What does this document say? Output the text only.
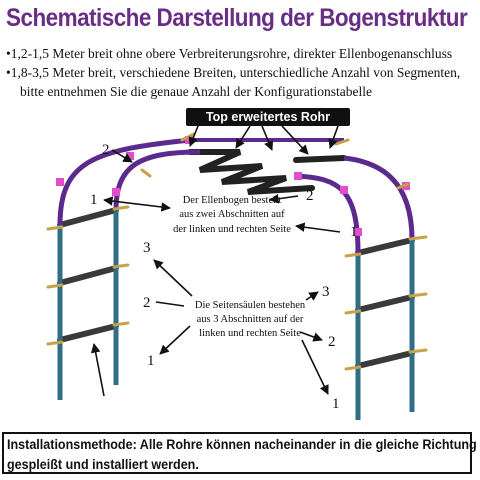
Schematische Darstellung der Bogenstruktur
•1,2-1,5 Meter breit ohne obere Verbreiterungsrohre, direkter Ellenbogenanschluss
•1,8-3,5 Meter breit, verschiedene Breiten, unterschiedliche Anzahl von Segmenten,
bitte entnehmen Sie die genaue Anzahl der Konfigurationstabelle
Top erweitertes Rohr
2
1	2
1
Der Ellenbogen besteht
aus zwei Abschnitten auf
der linken und rechten Seite
3
2
1
3
2
1
Die Seitensäulen bestehen
aus 3 Abschnitten auf der
linken und rechten Seite
Installationsmethode: Alle Rohre können nacheinander in die gleiche Richtung
gespleißt und installiert werden.
